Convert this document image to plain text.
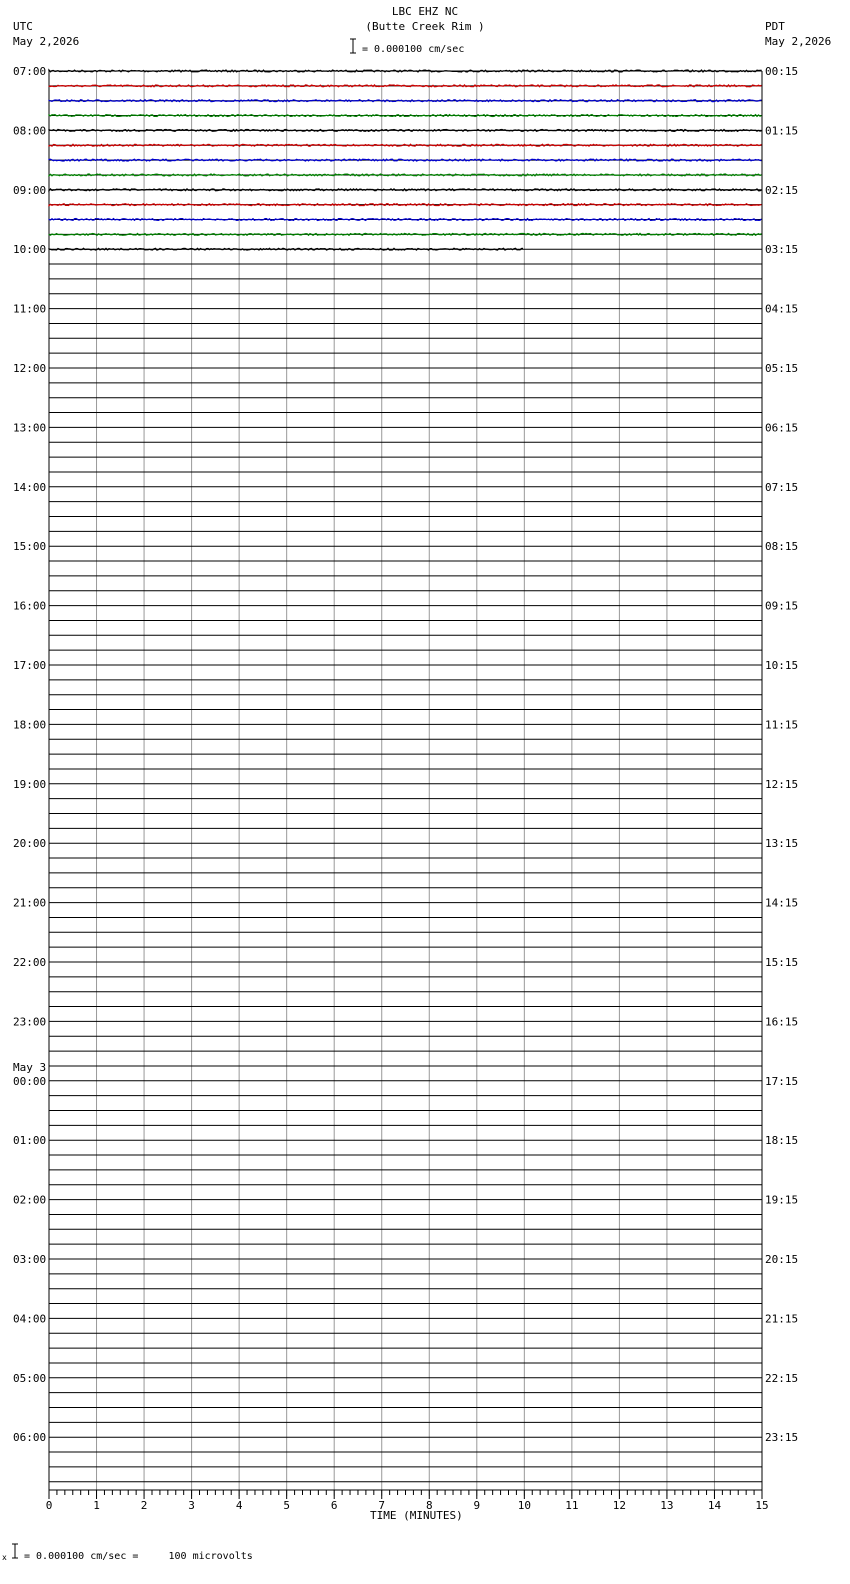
LBC EHZ NC
(Butte Creek Rim )
UTC
May 2,2026
PDT
May 2,2026
= 0.000100 cm/sec
07:00
08:00
09:00
10:00
11:00
12:00
13:00
14:00
15:00
16:00
17:00
18:00
19:00
20:00
21:00
22:00
23:00
00:00
01:00
02:00
03:00
04:00
05:00
06:00
00:15
01:15
02:15
03:15
04:15
05:15
06:15
07:15
08:15
09:15
10:15
11:15
12:15
13:15
14:15
15:15
16:15
17:15
18:15
19:15
20:15
21:15
22:15
23:15
May 3
0	1	2	3	4	5	6	7	8	9	10	11	12	13	14	15
TIME (MINUTES)
x = 0.000100 cm/sec =     100 microvolts
